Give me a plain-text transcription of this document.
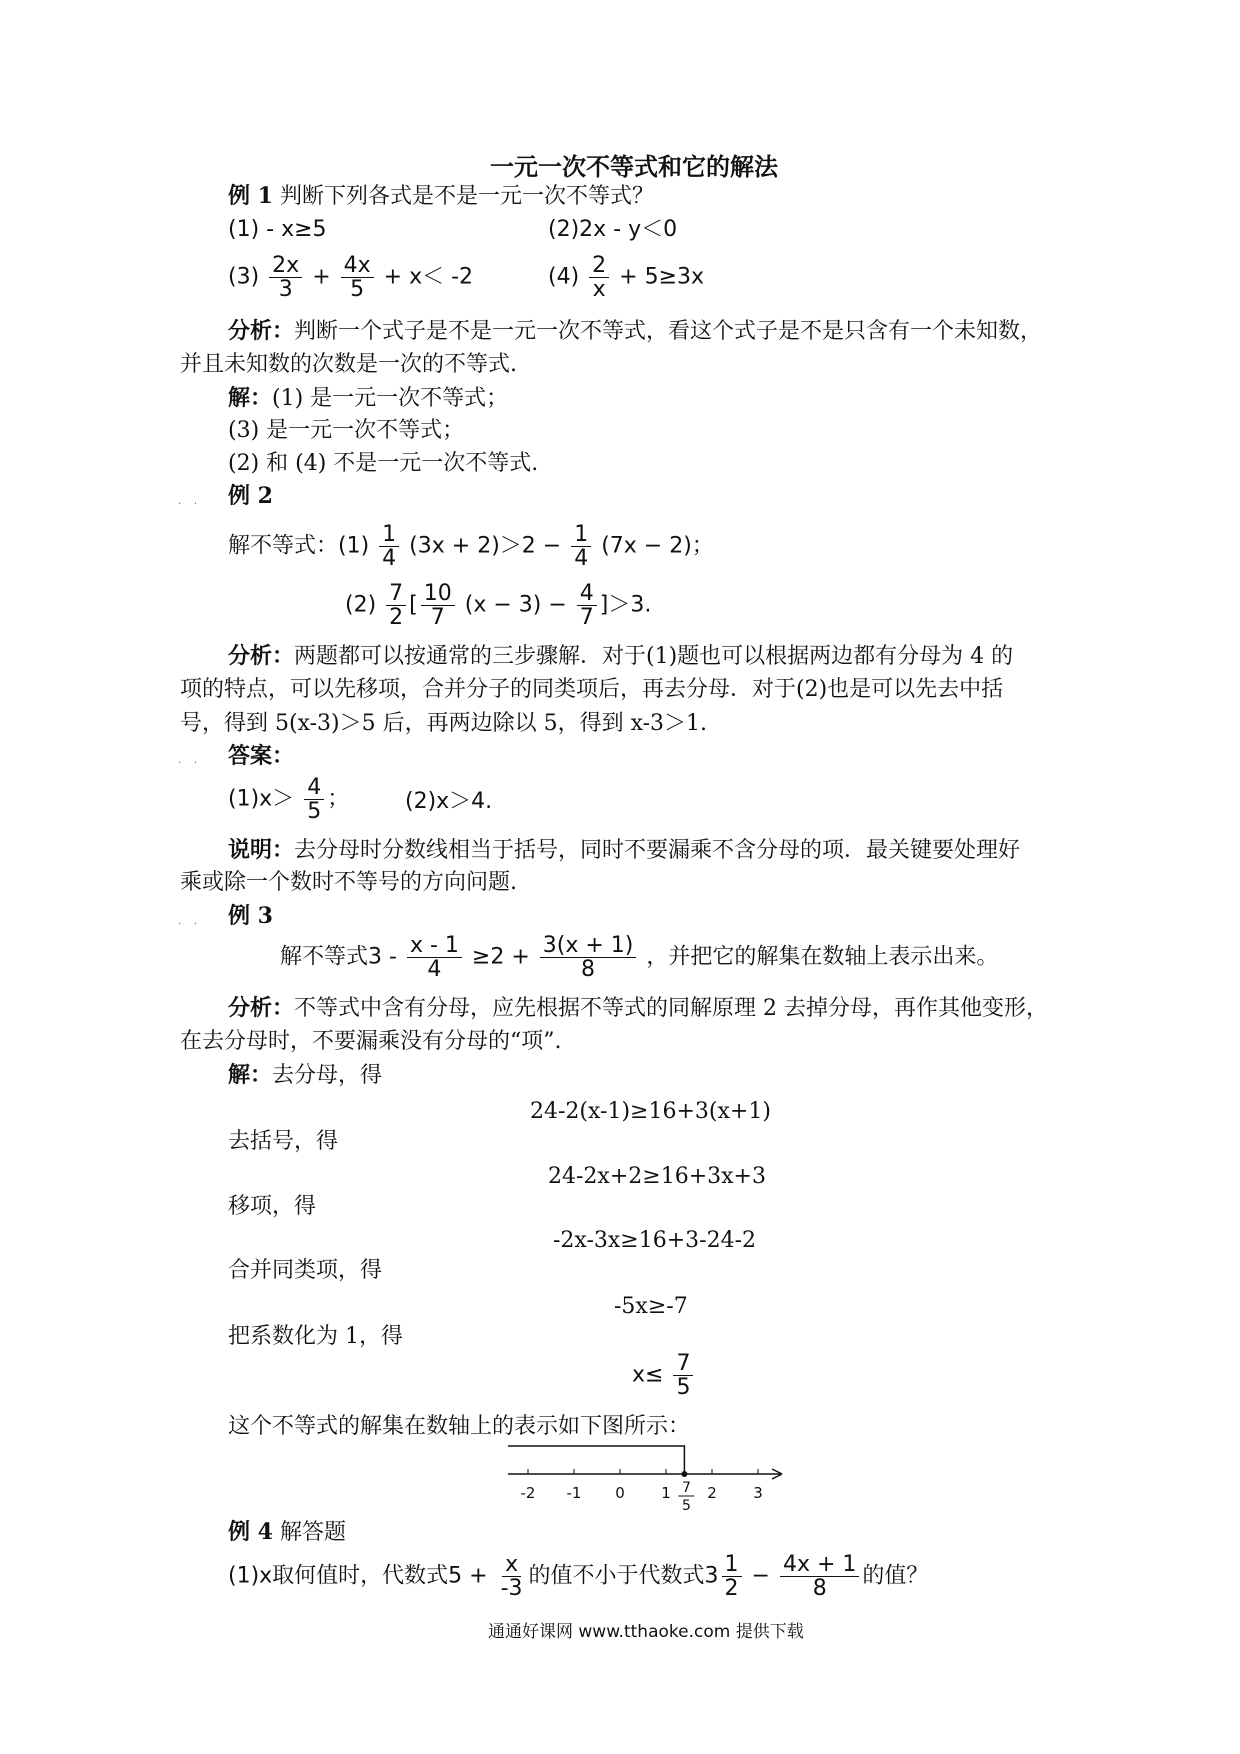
一元一次不等式和它的解法
例 1 判断下列各式是不是一元一次不等式？
(1) - x≥5	(2)2x - y＜0
$(3) \frac{2x}{3} + \frac{4x}{5} + x< -2$	$(4) \frac{2}{x} + 5\ge 3x$
分析：判断一个式子是不是一元一次不等式，看这个式子是不是只含有一个未知数，
并且未知数的次数是一次的不等式.
解：(1) 是一元一次不等式；
(3) 是一元一次不等式；
(2) 和 (4) 不是一元一次不等式.
.    . 例 2
解不等式：$(1) \frac{1}{4} (3x + 2)>2 - \frac{1}{4} (7x - 2)$；
$(2) \frac{7}{2}$ [ $\frac{10}{7} (x - 3) - \frac{4}{7} ]>3$.
分析：两题都可以按通常的三步骤解．对于(1)题也可以根据两边都有分母为 4 的
项的特点，可以先移项，合并分子的同类项后，再去分母．对于(2)也是可以先去中括
号，得到 5(x-3)＞5 后，再两边除以 5，得到 x-3＞1.
.    . 答案：
$(1)x> \frac{4}{5}$ ；	(2)x＞4.
说明：去分母时分数线相当于括号，同时不要漏乘不含分母的项．最关键要处理好
乘或除一个数时不等号的方向问题.
.    . 例 3
解不等式$3 - \frac{x - 1}{4} \ge 2 + \frac{3(x + 1)}{8}$ ，并把它的解集在数轴上表示出来。
分析：不等式中含有分母，应先根据不等式的同解原理 2 去掉分母，再作其他变形，
在去分母时，不要漏乘没有分母的“项”.
解：去分母，得
24-2(x-1)≥16+3(x+1)
去括号，得
24-2x+2≥16+3x+3
移项，得
-2x-3x≥16+3-24-2
合并同类项，得
-5x≥-7
把系数化为 1，得
$x\le \frac{7}{5}$
这个不等式的解集在数轴上的表示如下图所示：
-2 -1 0 1 2 3
7
5
例 4 解答题
(1)x取何值时，代数式$5 + \frac{x}{-3}$ 的值不小于代数式$3 \frac{1}{2} - \frac{4x + 1}{8}$ 的值？
通通好课网 www.tthaoke.com 提供下载
